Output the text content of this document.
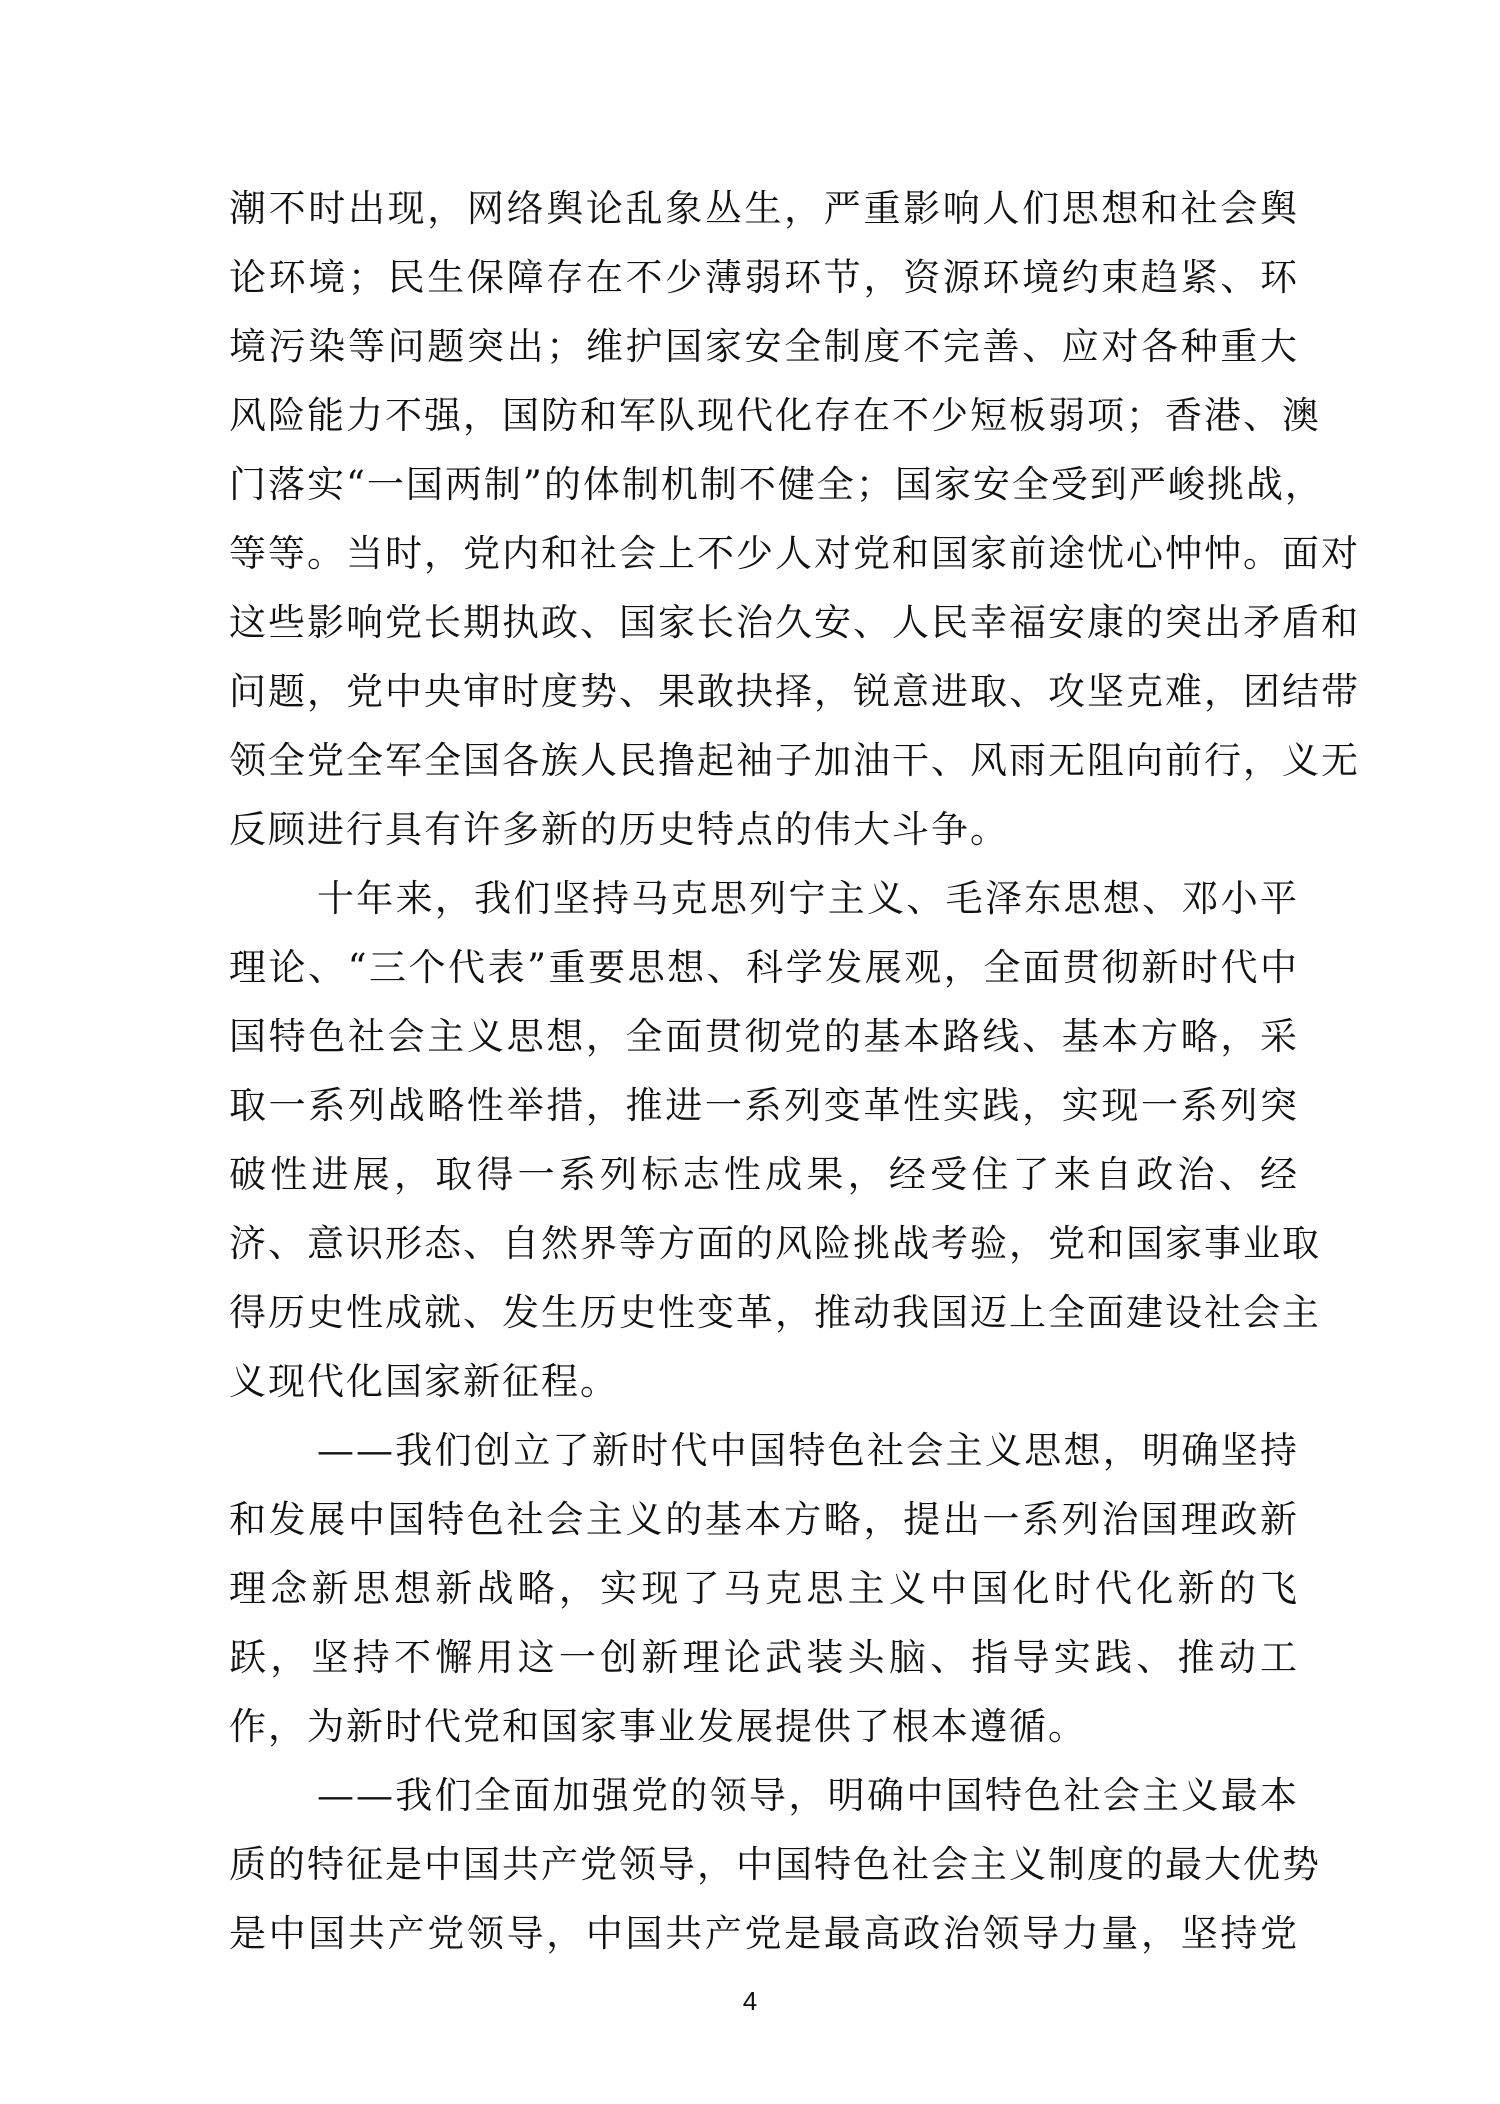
潮不时出现，网络舆论乱象丛生，严重影响人们思想和社会舆
论环境；民生保障存在不少薄弱环节，资源环境约束趋紧、环
境污染等问题突出；维护国家安全制度不完善、应对各种重大
风险能力不强，国防和军队现代化存在不少短板弱项；香港、澳
门落实“一国两制”的体制机制不健全；国家安全受到严峻挑战，
等等。当时，党内和社会上不少人对党和国家前途忧心忡忡。面对
这些影响党长期执政、国家长治久安、人民幸福安康的突出矛盾和
问题，党中央审时度势、果敢抉择，锐意进取、攻坚克难，团结带
领全党全军全国各族人民撸起袖子加油干、风雨无阻向前行，义无
反顾进行具有许多新的历史特点的伟大斗争。
十年来，我们坚持马克思列宁主义、毛泽东思想、邓小平
理论、“三个代表”重要思想、科学发展观，全面贯彻新时代中
国特色社会主义思想，全面贯彻党的基本路线、基本方略，采
取一系列战略性举措，推进一系列变革性实践，实现一系列突
破性进展，取得一系列标志性成果，经受住了来自政治、经
济、意识形态、自然界等方面的风险挑战考验，党和国家事业取
得历史性成就、发生历史性变革，推动我国迈上全面建设社会主
义现代化国家新征程。
——我们创立了新时代中国特色社会主义思想，明确坚持
和发展中国特色社会主义的基本方略，提出一系列治国理政新
理念新思想新战略，实现了马克思主义中国化时代化新的飞
跃，坚持不懈用这一创新理论武装头脑、指导实践、推动工
作，为新时代党和国家事业发展提供了根本遵循。
——我们全面加强党的领导，明确中国特色社会主义最本
质的特征是中国共产党领导，中国特色社会主义制度的最大优势
是中国共产党领导，中国共产党是最高政治领导力量，坚持党
4
